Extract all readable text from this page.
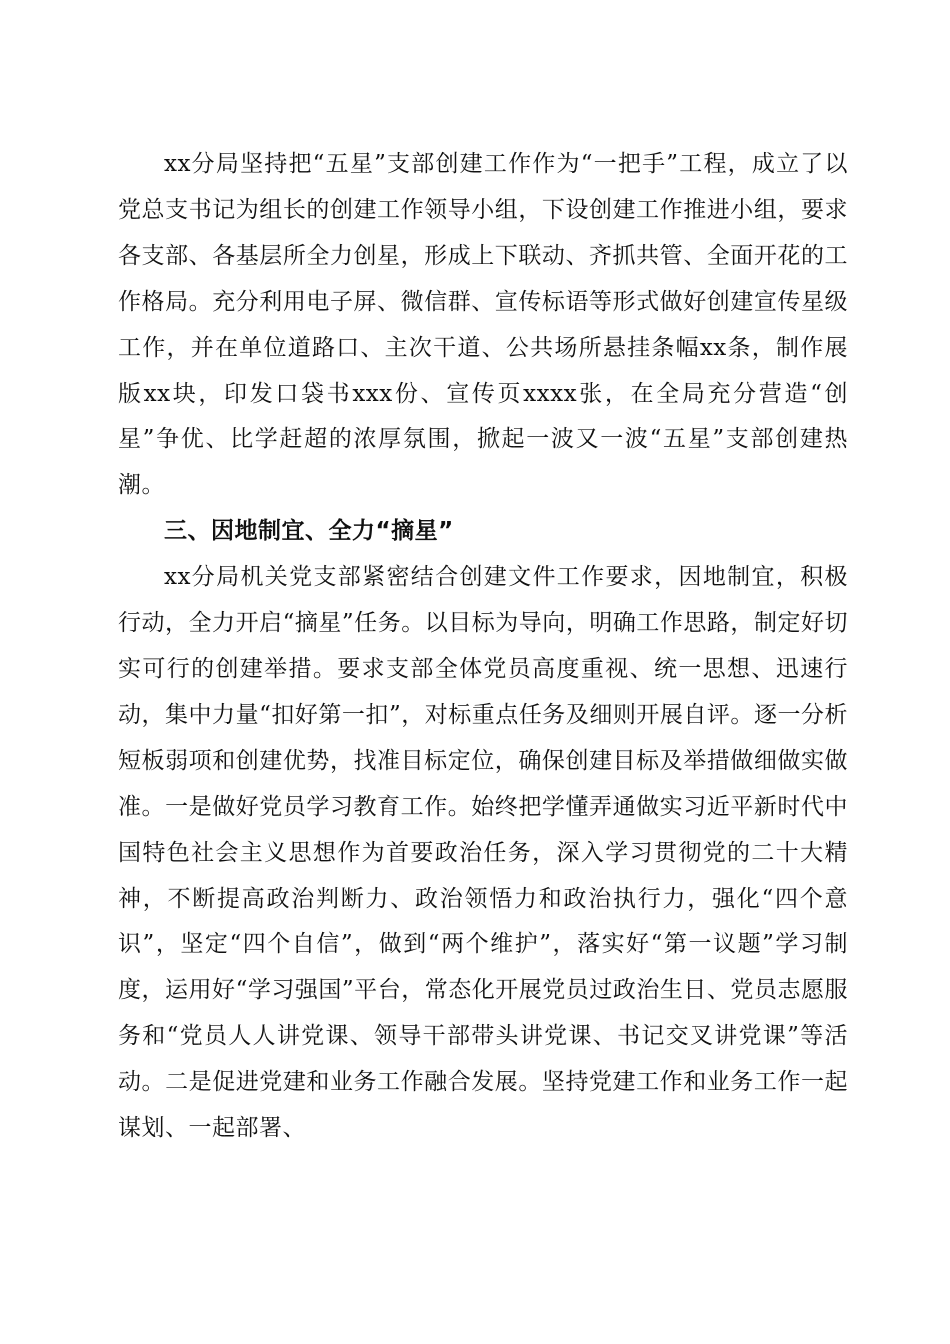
xx分局坚持把“五星”支部创建工作作为“一把手”工程，成立了以党总支书记为组长的创建工作领导小组，下设创建工作推进小组，要求各支部、各基层所全力创星，形成上下联动、齐抓共管、全面开花的工作格局。充分利用电子屏、微信群、宣传标语等形式做好创建宣传星级工作，并在单位道路口、主次干道、公共场所悬挂条幅xx条，制作展版xx块，印发口袋书xxx份、宣传页xxxx张，在全局充分营造“创星”争优、比学赶超的浓厚氛围，掀起一波又一波“五星”支部创建热潮。

三、因地制宜、全力“摘星”

xx分局机关党支部紧密结合创建文件工作要求，因地制宜，积极行动，全力开启“摘星”任务。以目标为导向，明确工作思路，制定好切实可行的创建举措。要求支部全体党员高度重视、统一思想、迅速行动，集中力量“扣好第一扣”，对标重点任务及细则开展自评。逐一分析短板弱项和创建优势，找准目标定位，确保创建目标及举措做细做实做准。一是做好党员学习教育工作。始终把学懂弄通做实习近平新时代中国特色社会主义思想作为首要政治任务，深入学习贯彻党的二十大精神，不断提高政治判断力、政治领悟力和政治执行力，强化“四个意识”，坚定“四个自信”，做到“两个维护”，落实好“第一议题”学习制度，运用好“学习强国”平台，常态化开展党员过政治生日、党员志愿服务和“党员人人讲党课、领导干部带头讲党课、书记交叉讲党课”等活动。二是促进党建和业务工作融合发展。坚持党建工作和业务工作一起谋划、一起部署、
